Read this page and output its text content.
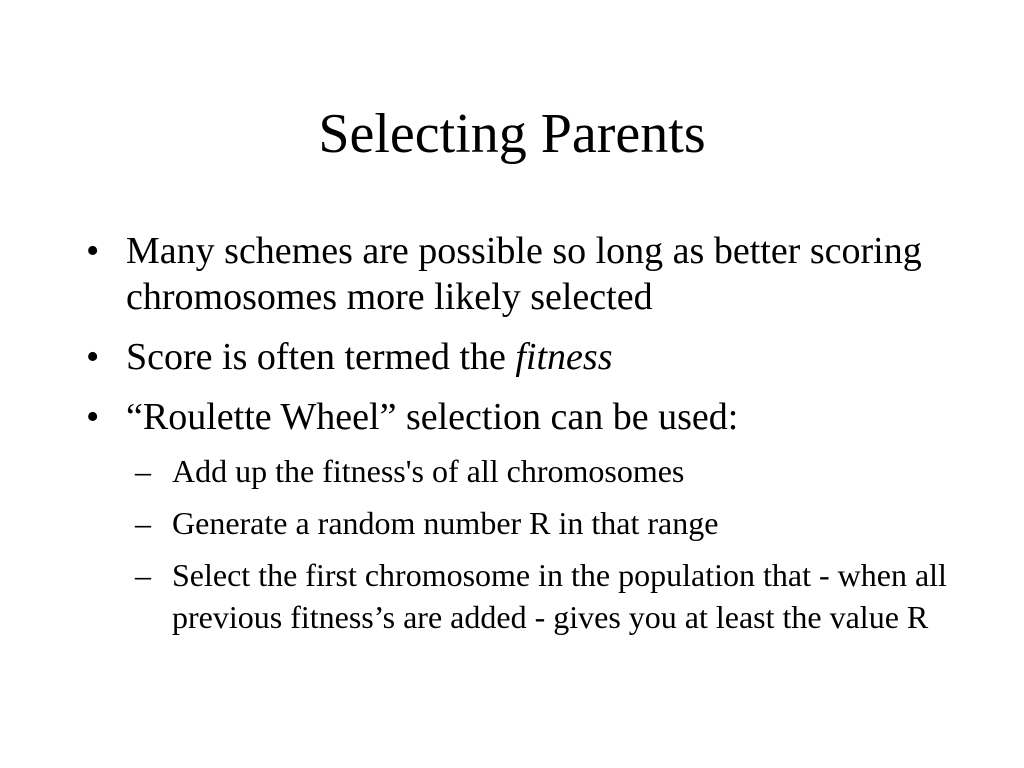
Selecting Parents
• Many schemes are possible so long as better scoring chromosomes more likely selected
• Score is often termed the fitness
• “Roulette Wheel” selection can be used:
– Add up the fitness's of all chromosomes
– Generate a random number R in that range
– Select the first chromosome in the population that - when all previous fitness’s are added - gives you at least the value R
